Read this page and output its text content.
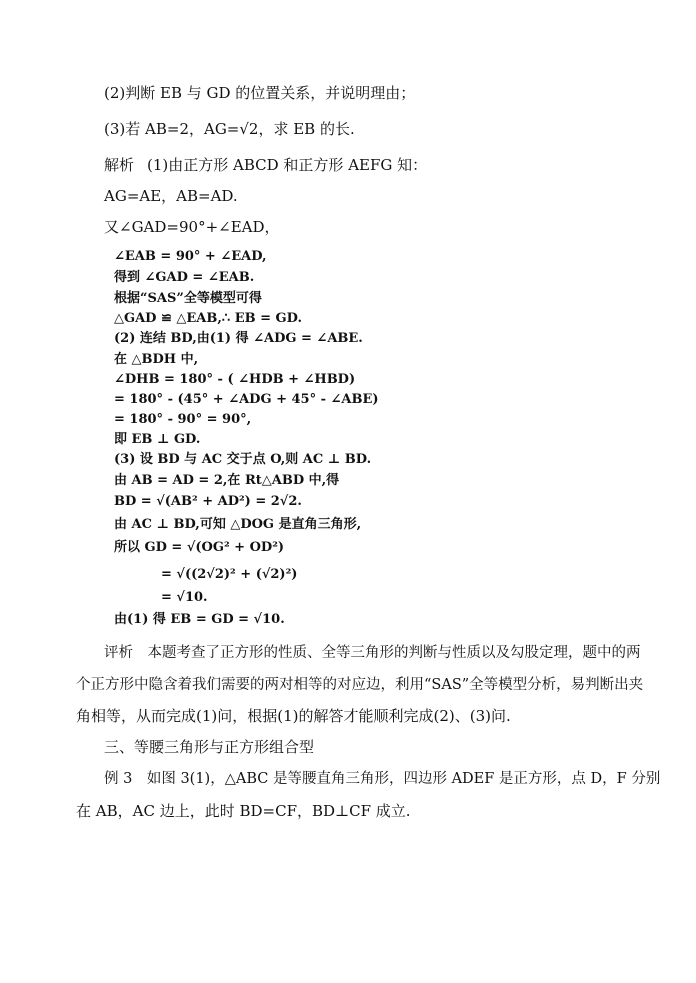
(2)判断 EB 与 GD 的位置关系，并说明理由；
(3)若 AB=2，AG=√2，求 EB 的长.
解析 (1)由正方形 ABCD 和正方形 AEFG 知：
AG=AE，AB=AD.
又∠GAD=90°+∠EAD，
∠EAB = 90° + ∠EAD,
得到 ∠GAD = ∠EAB.
根据“SAS”全等模型可得
△GAD ≌ △EAB,∴ EB = GD.
(2) 连结 BD,由(1) 得 ∠ADG = ∠ABE.
在 △BDH 中,
∠DHB = 180° - ( ∠HDB + ∠HBD)
= 180° - (45° + ∠ADG + 45° - ∠ABE)
= 180° - 90° = 90°,
即 EB ⊥ GD.
(3) 设 BD 与 AC 交于点 O,则 AC ⊥ BD.
由 AB = AD = 2,在 Rt△ABD 中,得
BD = √(AB² + AD²) = 2√2.
由 AC ⊥ BD,可知 △DOG 是直角三角形,
所以 GD = √(OG² + OD²)
= √((2√2)² + (√2)²)
= √10.
由(1) 得 EB = GD = √10.
评析　本题考查了正方形的性质、全等三角形的判断与性质以及勾股定理，题中的两
个正方形中隐含着我们需要的两对相等的对应边，利用“SAS”全等模型分析，易判断出夹
角相等，从而完成(1)问，根据(1)的解答才能顺利完成(2)、(3)问.
三、等腰三角形与正方形组合型
例 3　如图 3(1)，△ABC 是等腰直角三角形，四边形 ADEF 是正方形，点 D，F 分别
在 AB，AC 边上，此时 BD=CF，BD⊥CF 成立.
